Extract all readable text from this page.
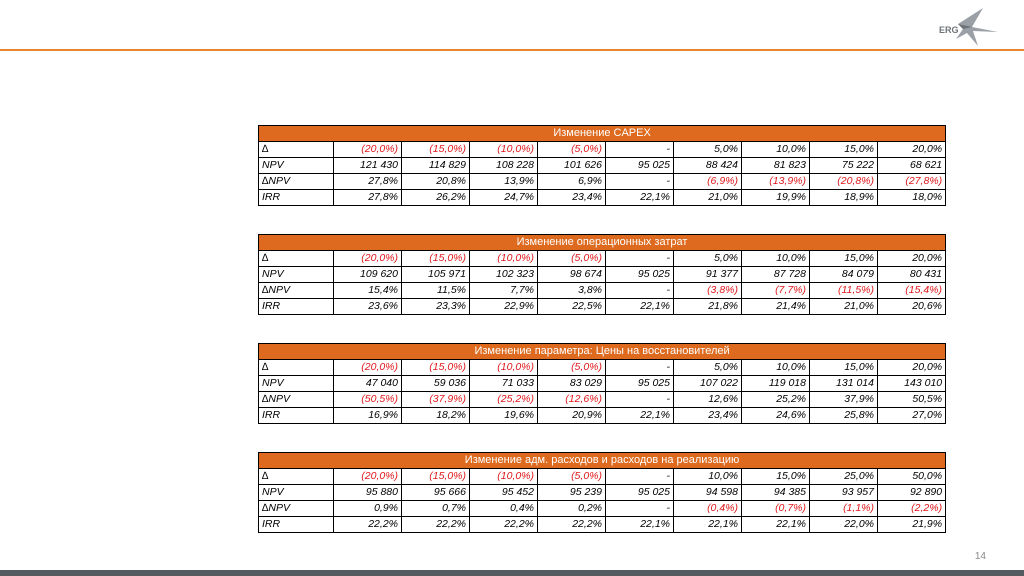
ERG
Изменение CAPEX									
∆	(20,0%)	(15,0%)	(10,0%)	(5,0%)	-	5,0%	10,0%	15,0%	20,0%
NPV	121 430	114 829	108 228	101 626	95 025	88 424	81 823	75 222	68 621
∆NPV	27,8%	20,8%	13,9%	6,9%	-	(6,9%)	(13,9%)	(20,8%)	(27,8%)
IRR	27,8%	26,2%	24,7%	23,4%	22,1%	21,0%	19,9%	18,9%	18,0%
Изменение операционных затрат									
∆	(20,0%)	(15,0%)	(10,0%)	(5,0%)	-	5,0%	10,0%	15,0%	20,0%
NPV	109 620	105 971	102 323	98 674	95 025	91 377	87 728	84 079	80 431
∆NPV	15,4%	11,5%	7,7%	3,8%	-	(3,8%)	(7,7%)	(11,5%)	(15,4%)
IRR	23,6%	23,3%	22,9%	22,5%	22,1%	21,8%	21,4%	21,0%	20,6%
Изменение параметра: Цены на восстановителей									
∆	(20,0%)	(15,0%)	(10,0%)	(5,0%)	-	5,0%	10,0%	15,0%	20,0%
NPV	47 040	59 036	71 033	83 029	95 025	107 022	119 018	131 014	143 010
∆NPV	(50,5%)	(37,9%)	(25,2%)	(12,6%)	-	12,6%	25,2%	37,9%	50,5%
IRR	16,9%	18,2%	19,6%	20,9%	22,1%	23,4%	24,6%	25,8%	27,0%
Изменение адм. расходов и расходов на реализацию									
∆	(20,0%)	(15,0%)	(10,0%)	(5,0%)	-	10,0%	15,0%	25,0%	50,0%
NPV	95 880	95 666	95 452	95 239	95 025	94 598	94 385	93 957	92 890
∆NPV	0,9%	0,7%	0,4%	0,2%	-	(0,4%)	(0,7%)	(1,1%)	(2,2%)
IRR	22,2%	22,2%	22,2%	22,2%	22,1%	22,1%	22,1%	22,0%	21,9%
14
